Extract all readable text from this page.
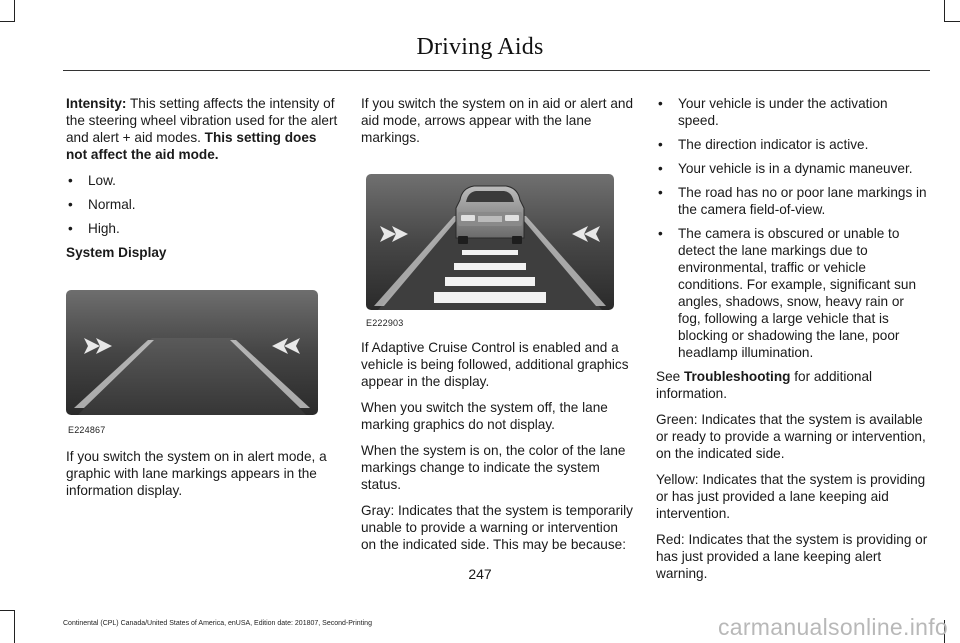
Driving Aids

Intensity: This setting affects the intensity of the steering wheel vibration used for the alert and alert + aid modes. This setting does not affect the aid mode.

• Low.
• Normal.
• High.

System Display

E224867

If you switch the system on in alert mode, a graphic with lane markings appears in the information display.

If you switch the system on in aid or alert and aid mode, arrows appear with the lane markings.

E222903

If Adaptive Cruise Control is enabled and a vehicle is being followed, additional graphics appear in the display.

When you switch the system off, the lane marking graphics do not display.

When the system is on, the color of the lane markings change to indicate the system status.

Gray: Indicates that the system is temporarily unable to provide a warning or intervention on the indicated side. This may be because:

• Your vehicle is under the activation speed.
• The direction indicator is active.
• Your vehicle is in a dynamic maneuver.
• The road has no or poor lane markings in the camera field-of-view.
• The camera is obscured or unable to detect the lane markings due to environmental, traffic or vehicle conditions. For example, significant sun angles, shadows, snow, heavy rain or fog, following a large vehicle that is blocking or shadowing the lane, poor headlamp illumination.

See Troubleshooting for additional information.

Green: Indicates that the system is available or ready to provide a warning or intervention, on the indicated side.

Yellow: Indicates that the system is providing or has just provided a lane keeping aid intervention.

Red: Indicates that the system is providing or has just provided a lane keeping alert warning.

247
Continental (CPL) Canada/United States of America, enUSA, Edition date: 201807, Second-Printing	carmanualsonline.info
